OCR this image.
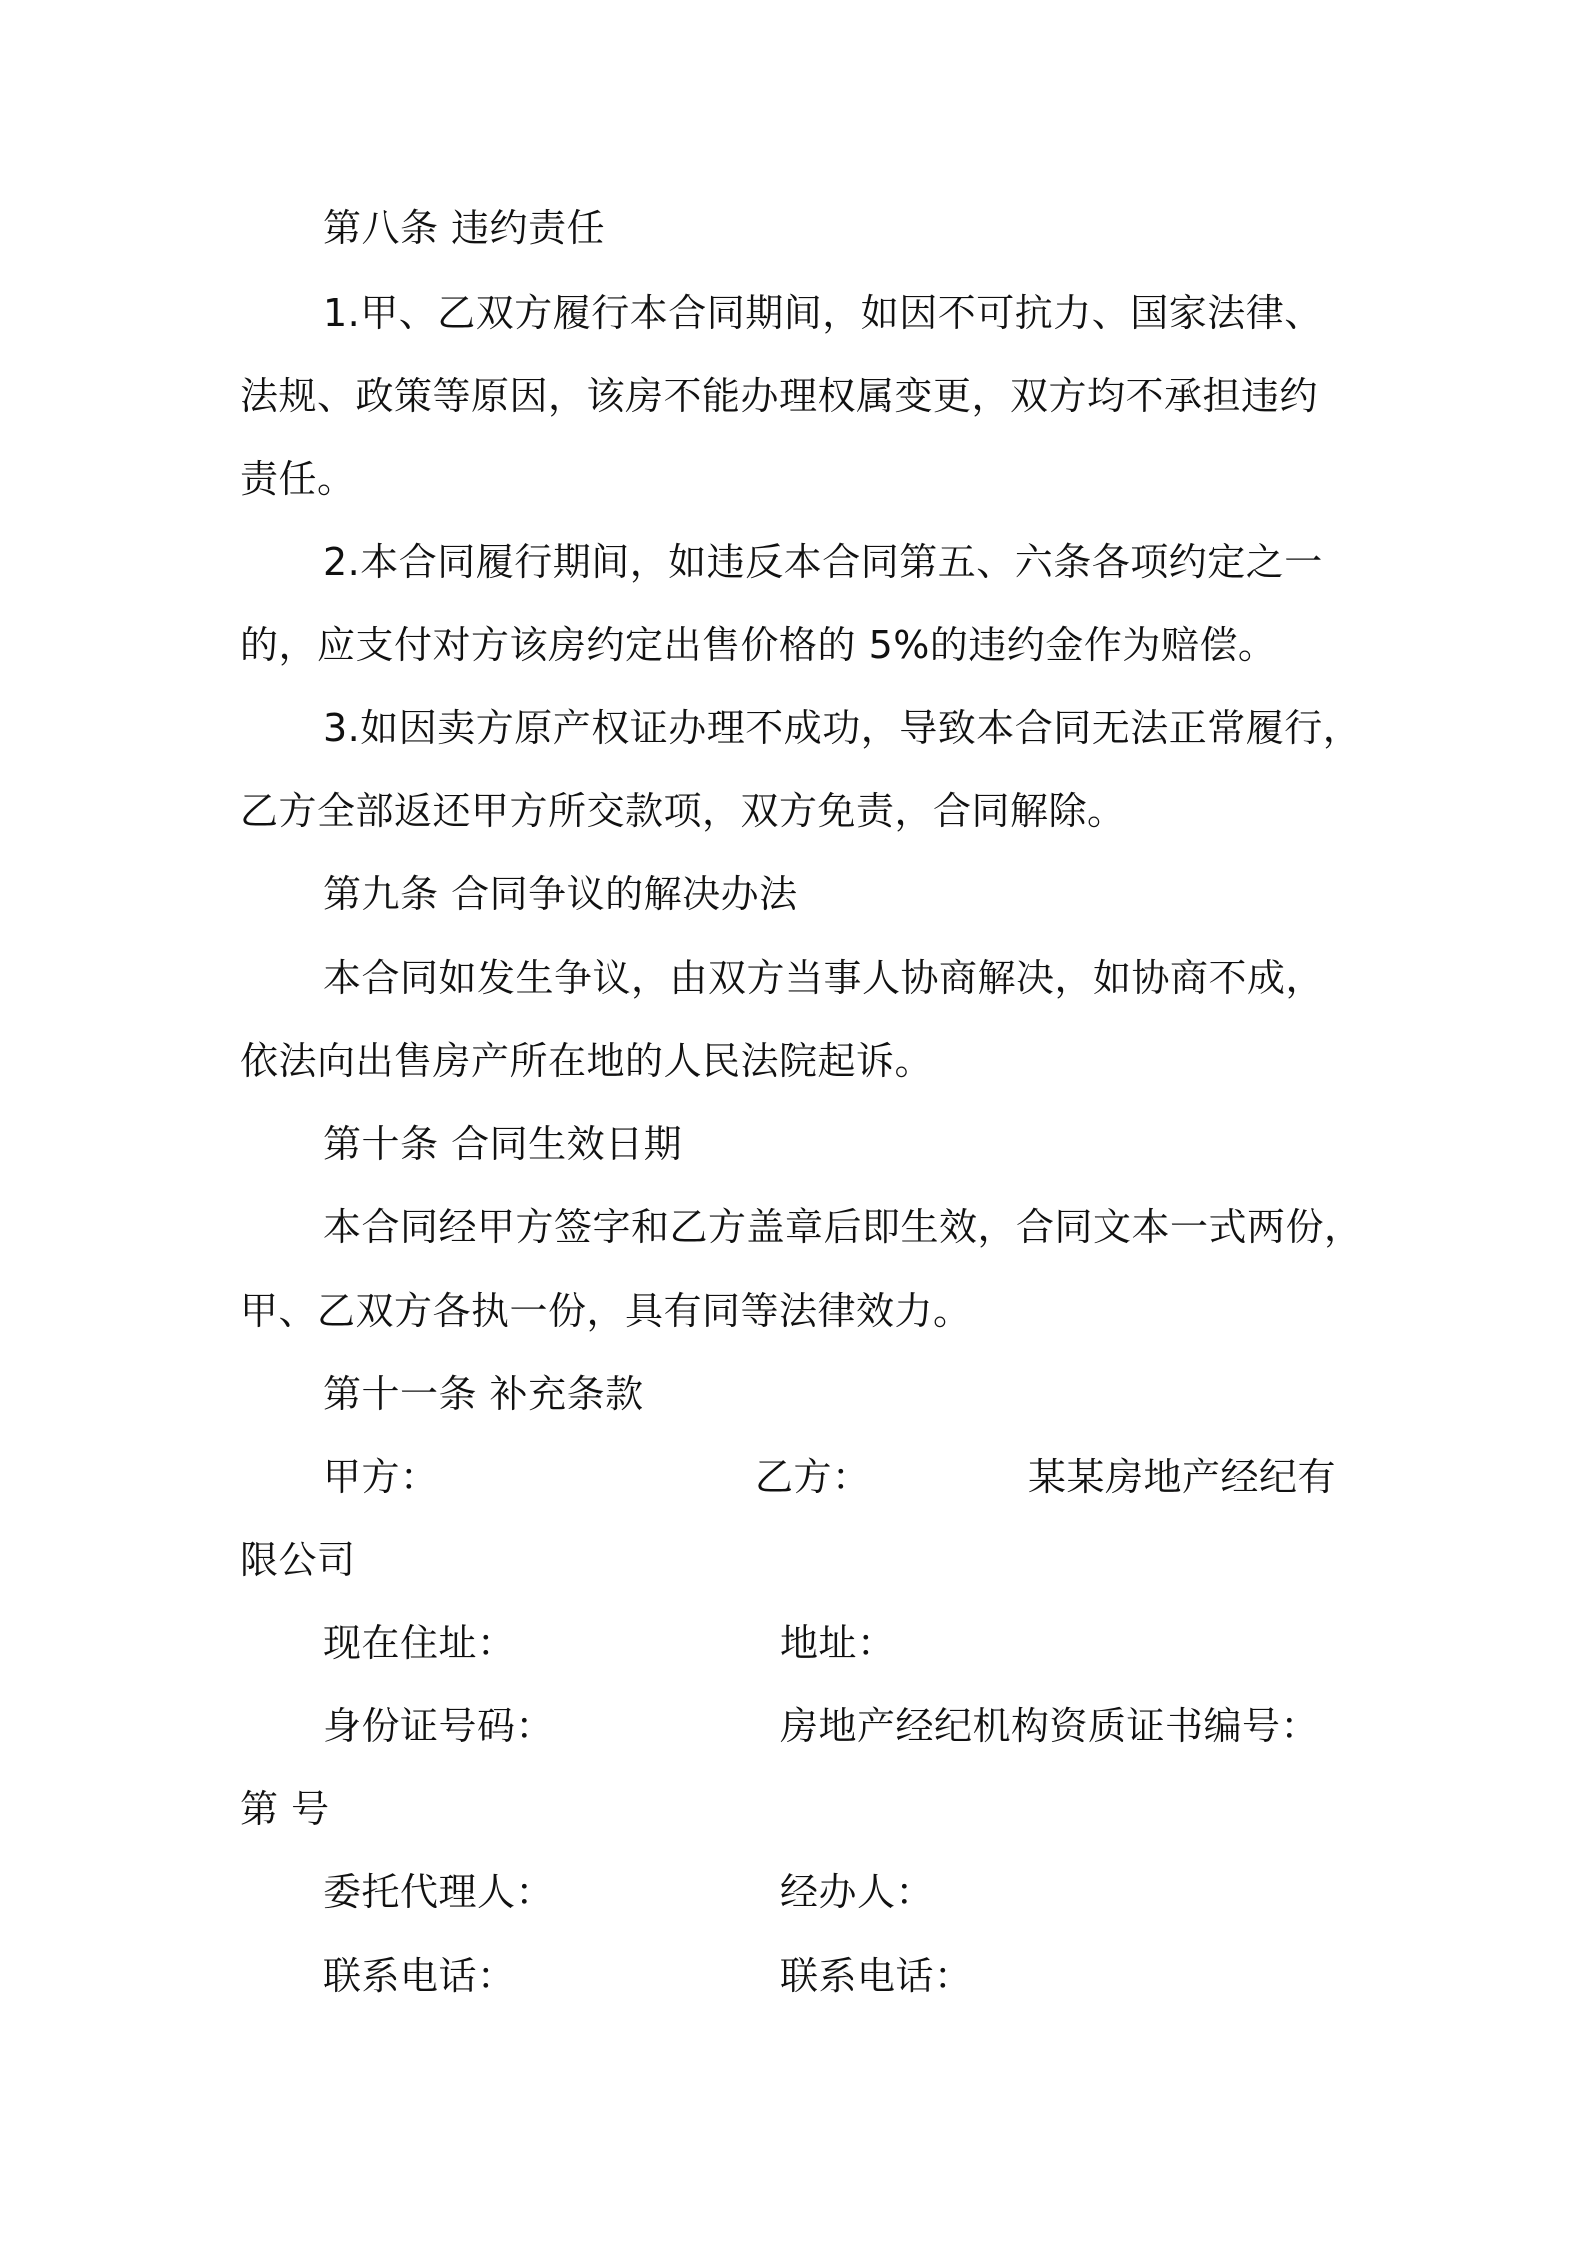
第八条 违约责任
1.甲、乙双方履行本合同期间，如因不可抗力、国家法律、
法规、政策等原因，该房不能办理权属变更，双方均不承担违约
责任。
2.本合同履行期间，如违反本合同第五、六条各项约定之一
的，应支付对方该房约定出售价格的 5%的违约金作为赔偿。
3.如因卖方原产权证办理不成功，导致本合同无法正常履行，
乙方全部返还甲方所交款项，双方免责，合同解除。
第九条 合同争议的解决办法
本合同如发生争议，由双方当事人协商解决，如协商不成，
依法向出售房产所在地的人民法院起诉。
第十条 合同生效日期
本合同经甲方签字和乙方盖章后即生效，合同文本一式两份，
甲、乙双方各执一份，具有同等法律效力。
第十一条 补充条款
甲方：	乙方：	某某房地产经纪有
限公司
现在住址：	地址：
身份证号码：	房地产经纪机构资质证书编号：
第 号
委托代理人：	经办人：
联系电话：	联系电话：
